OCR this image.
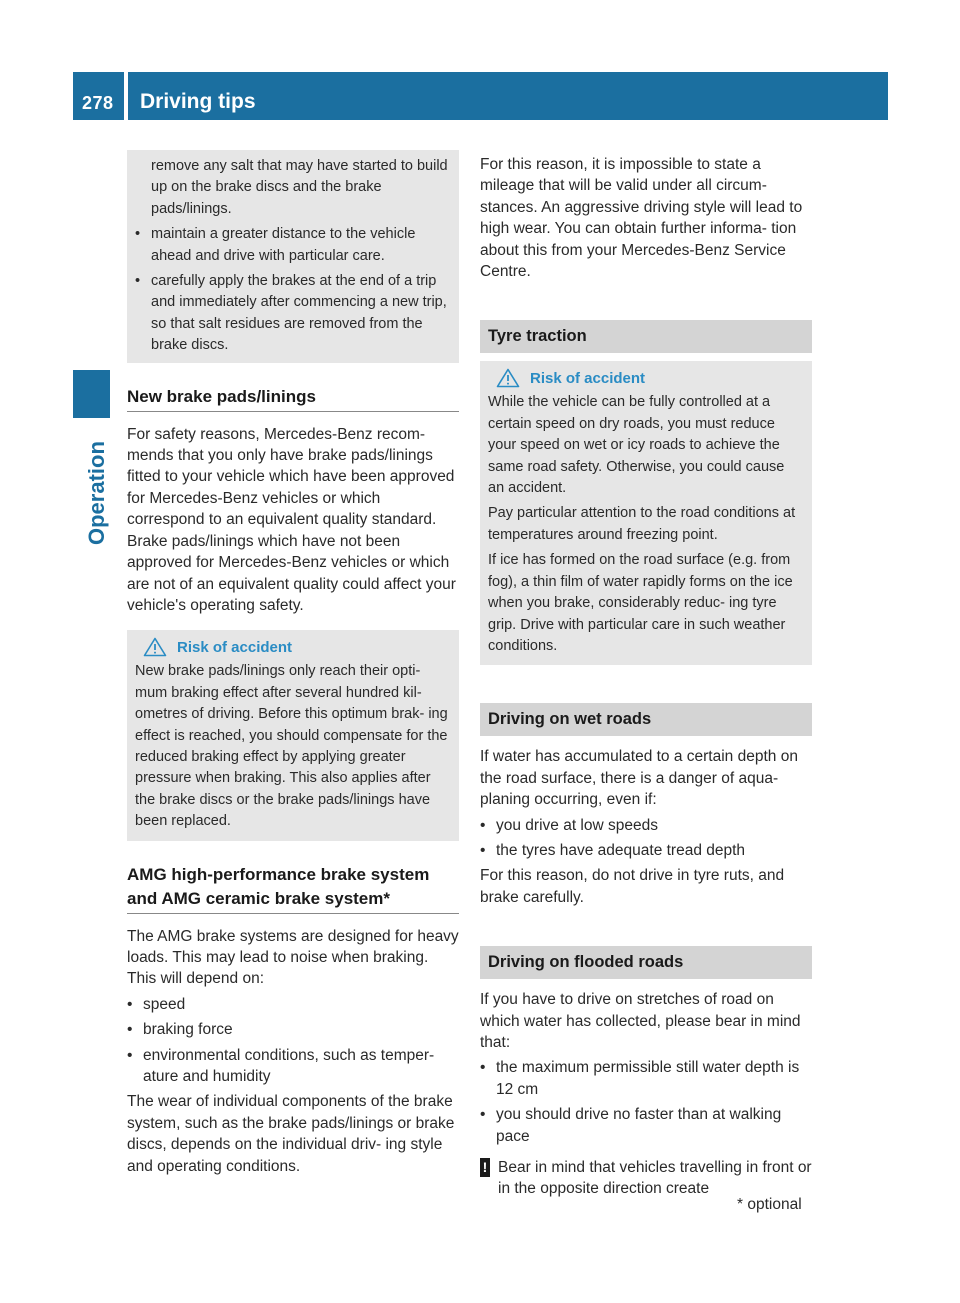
278 Driving tips
Operation

remove any salt that may have started to build up on the brake discs and the brake pads/linings.

• maintain a greater distance to the vehicle ahead and drive with particular care.

• carefully apply the brakes at the end of a trip and immediately after commencing a new trip, so that salt residues are removed from the brake discs.

New brake pads/linings

For safety reasons, Mercedes-Benz recom- mends that you only have brake pads/linings fitted to your vehicle which have been approved for Mercedes-Benz vehicles or which correspond to an equivalent quality standard. Brake pads/linings which have not been approved for Mercedes-Benz vehicles or which are not of an equivalent quality could affect your vehicle's operating safety.

Risk of accident

New brake pads/linings only reach their opti- mum braking effect after several hundred kil- ometres of driving. Before this optimum brak- ing effect is reached, you should compensate for the reduced braking effect by applying greater pressure when braking. This also applies after the brake discs or the brake pads/linings have been replaced.

AMG high-performance brake system
and AMG ceramic brake system*

The AMG brake systems are designed for heavy loads. This may lead to noise when braking. This will depend on:

• speed

• braking force

• environmental conditions, such as temper- ature and humidity

The wear of individual components of the brake system, such as the brake pads/linings or brake discs, depends on the individual driv- ing style and operating conditions.

For this reason, it is impossible to state a mileage that will be valid under all circum- stances. An aggressive driving style will lead to high wear. You can obtain further informa- tion about this from your Mercedes-Benz Service Centre.

Tyre traction
Risk of accident

While the vehicle can be fully controlled at a certain speed on dry roads, you must reduce your speed on wet or icy roads to achieve the same road safety. Otherwise, you could cause an accident.

Pay particular attention to the road conditions at temperatures around freezing point.

If ice has formed on the road surface (e.g. from fog), a thin film of water rapidly forms on the ice when you brake, considerably reduc- ing tyre grip. Drive with particular care in such weather conditions.

Driving on wet roads

If water has accumulated to a certain depth on the road surface, there is a danger of aqua- planing occurring, even if:

• you drive at low speeds

• the tyres have adequate tread depth

For this reason, do not drive in tyre ruts, and brake carefully.

Driving on flooded roads

If you have to drive on stretches of road on which water has collected, please bear in mind that:

• the maximum permissible still water depth is 12 cm

• you should drive no faster than at walking pace

! Bear in mind that vehicles travelling in front or in the opposite direction create

* optional
